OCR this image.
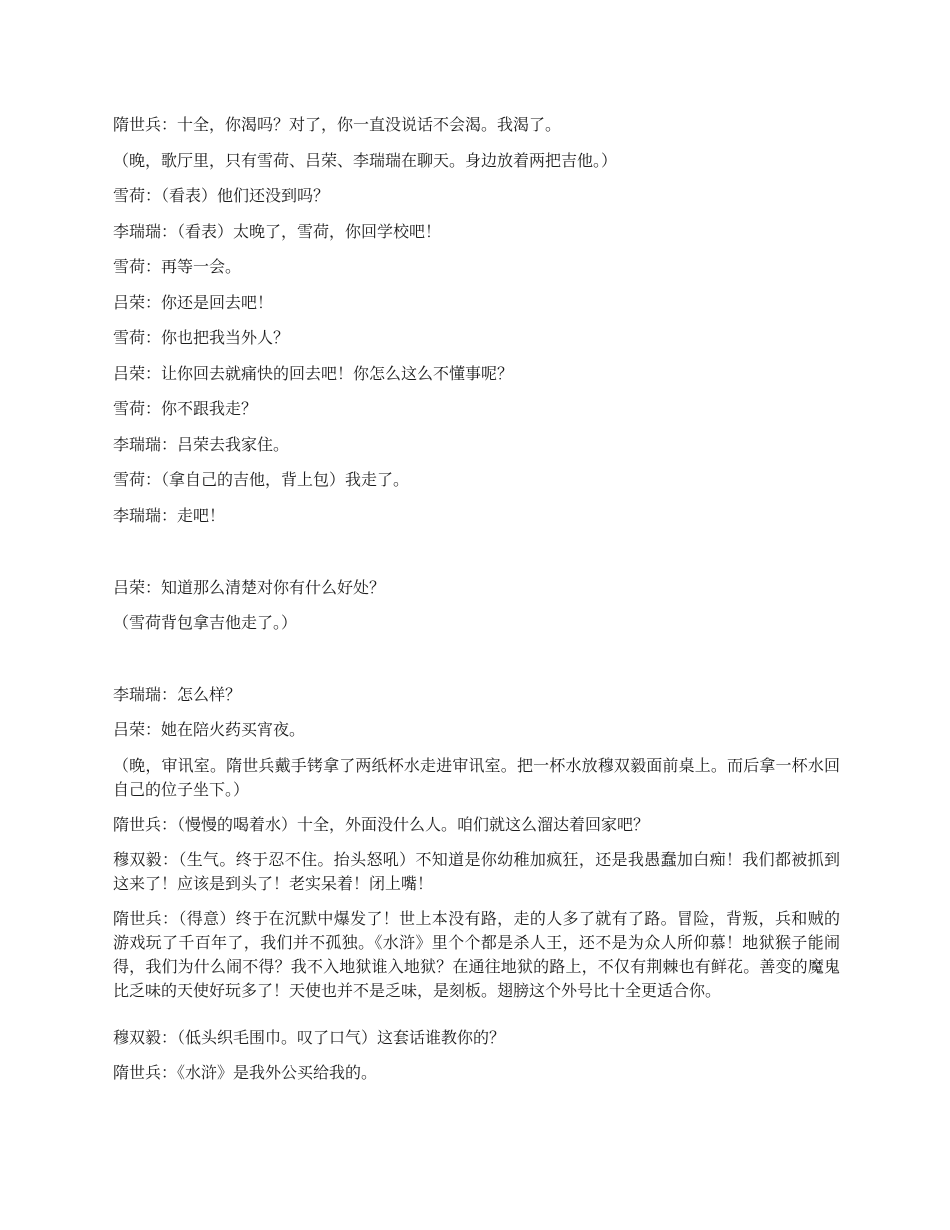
隋世兵：十全，你渴吗？对了，你一直没说话不会渴。我渴了。

（晚，歌厅里，只有雪荷、吕荣、李瑞瑞在聊天。身边放着两把吉他。）

雪荷：（看表）他们还没到吗？

李瑞瑞：（看表）太晚了，雪荷，你回学校吧！

雪荷：再等一会。

吕荣：你还是回去吧！

雪荷：你也把我当外人？

吕荣：让你回去就痛快的回去吧！你怎么这么不懂事呢？

雪荷：你不跟我走？

李瑞瑞：吕荣去我家住。

雪荷：（拿自己的吉他，背上包）我走了。

李瑞瑞：走吧！

吕荣：知道那么清楚对你有什么好处？

（雪荷背包拿吉他走了。）

李瑞瑞：怎么样？

吕荣：她在陪火药买宵夜。

（晚，审讯室。隋世兵戴手铐拿了两纸杯水走进审讯室。把一杯水放穆双毅面前桌上。而后拿一杯水回自己的位子坐下。）

隋世兵：（慢慢的喝着水）十全，外面没什么人。咱们就这么溜达着回家吧？

穆双毅：（生气。终于忍不住。抬头怒吼）不知道是你幼稚加疯狂，还是我愚蠢加白痴！我们都被抓到这来了！应该是到头了！老实呆着！闭上嘴！

隋世兵：（得意）终于在沉默中爆发了！世上本没有路，走的人多了就有了路。冒险，背叛，兵和贼的游戏玩了千百年了，我们并不孤独。《水浒》里个个都是杀人王，还不是为众人所仰慕！地狱猴子能闹得，我们为什么闹不得？我不入地狱谁入地狱？在通往地狱的路上，不仅有荆棘也有鲜花。善变的魔鬼比乏味的天使好玩多了！天使也并不是乏味，是刻板。翅膀这个外号比十全更适合你。

穆双毅：（低头织毛围巾。叹了口气）这套话谁教你的？

隋世兵：《水浒》是我外公买给我的。
